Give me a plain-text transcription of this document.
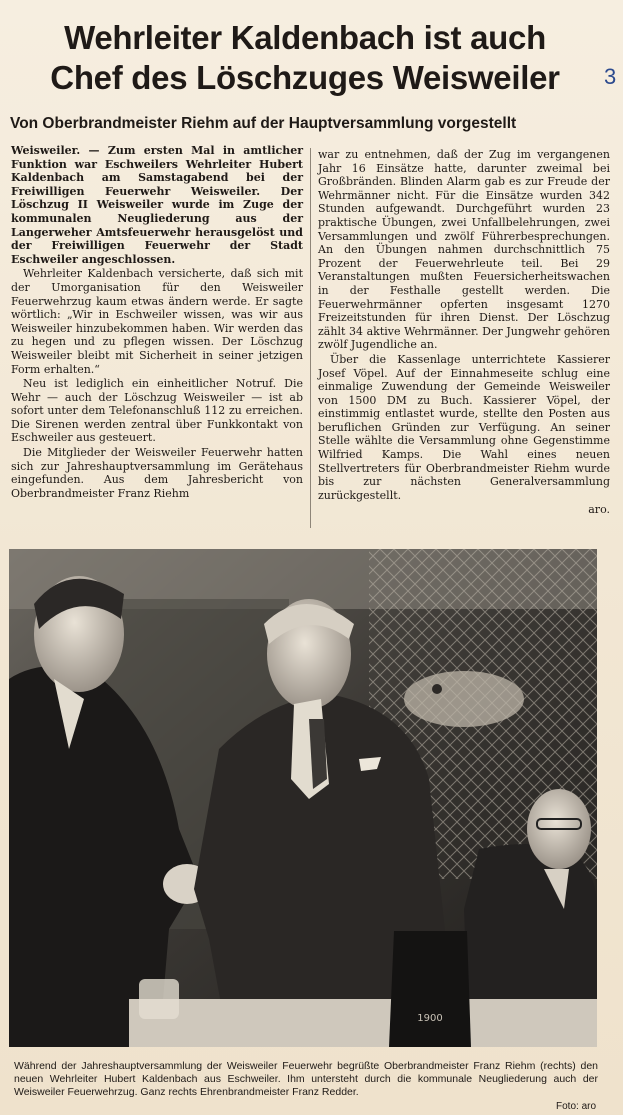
Wehrleiter Kaldenbach ist auch
Chef des Löschzuges Weisweiler	3
Von Oberbrandmeister Riehm auf der Hauptversammlung vorgestellt

Weisweiler. — Zum ersten Mal in amtlicher Funktion war Eschweilers Wehrleiter Hubert Kaldenbach am Samstagabend bei der Freiwilligen Feuerwehr Weisweiler. Der Löschzug II Weisweiler wurde im Zuge der kommunalen Neugliederung aus der Langerweher Amtsfeuerwehr herausgelöst und der Freiwilligen Feuerwehr der Stadt Eschweiler angeschlossen.

Wehrleiter Kaldenbach versicherte, daß sich mit der Umorganisation für den Weisweiler Feuerwehrzug kaum etwas ändern werde. Er sagte wörtlich: „Wir in Eschweiler wissen, was wir aus Weisweiler hinzubekommen haben. Wir werden das zu hegen und zu pflegen wissen. Der Löschzug Weisweiler bleibt mit Sicherheit in seiner jetzigen Form erhalten.“

Neu ist lediglich ein einheitlicher Notruf. Die Wehr — auch der Löschzug Weisweiler — ist ab sofort unter dem Telefonanschluß 112 zu erreichen. Die Sirenen werden zentral über Funkkontakt von Eschweiler aus gesteuert.

Die Mitglieder der Weisweiler Feuerwehr hatten sich zur Jahreshauptversammlung im Gerätehaus eingefunden. Aus dem Jahresbericht von Oberbrandmeister Franz Riehm

war zu entnehmen, daß der Zug im vergangenen Jahr 16 Einsätze hatte, darunter zweimal bei Großbränden. Blinden Alarm gab es zur Freude der Wehrmänner nicht. Für die Einsätze wurden 342 Stunden aufgewandt. Durchgeführt wurden 23 praktische Übungen, zwei Unfallbelehrungen, zwei Versammlungen und zwölf Führerbesprechungen. An den Übungen nahmen durchschnittlich 75 Prozent der Feuerwehrleute teil. Bei 29 Veranstaltungen mußten Feuersicherheitswachen in der Festhalle gestellt werden. Die Feuerwehrmänner opferten insgesamt 1270 Freizeitstunden für ihren Dienst. Der Löschzug zählt 34 aktive Wehrmänner. Der Jungwehr gehören zwölf Jugendliche an.

Über die Kassenlage unterrichtete Kassierer Josef Vöpel. Auf der Einnahmeseite schlug eine einmalige Zuwendung der Gemeinde Weisweiler von 1500 DM zu Buch. Kassierer Vöpel, der einstimmig entlastet wurde, stellte den Posten aus beruflichen Gründen zur Verfügung. An seiner Stelle wählte die Versammlung ohne Gegenstimme Wilfried Kamps. Die Wahl eines neuen Stellvertreters für Oberbrandmeister Riehm wurde bis zur nächsten Generalversammlung zurückgestellt.

aro.

1900
Während der Jahreshauptversammlung der Weisweiler Feuerwehr begrüßte Oberbrandmeister Franz Riehm (rechts) den neuen Wehrleiter Hubert Kaldenbach aus Eschweiler. Ihm untersteht durch die kommunale Neugliederung auch der Weisweiler Feuerwehrzug. Ganz rechts Ehrenbrandmeister Franz Redder.
Foto: aro
